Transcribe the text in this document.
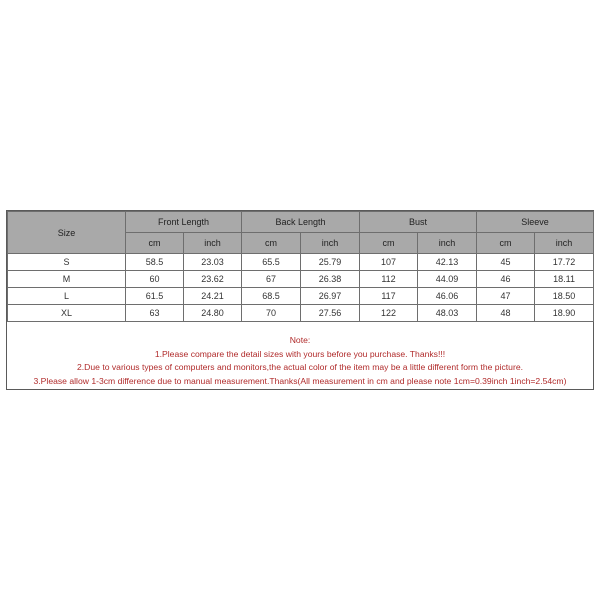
Size	Front Length		Back Length		Bust		Sleeve	
	cm	inch	cm	inch	cm	inch	cm	inch
S	58.5	23.03	65.5	25.79	107	42.13	45	17.72
M	60	23.62	67	26.38	112	44.09	46	18.11
L	61.5	24.21	68.5	26.97	117	46.06	47	18.50
XL	63	24.80	70	27.56	122	48.03	48	18.90
Note:
1.Please compare the detail sizes with yours before you purchase. Thanks!!!
2.Due to various types of computers and monitors,the actual color of the item may be a little different form the picture.
3.Please allow 1-3cm difference due to manual measurement.Thanks(All measurement in cm and please note 1cm=0.39inch 1inch=2.54cm)
